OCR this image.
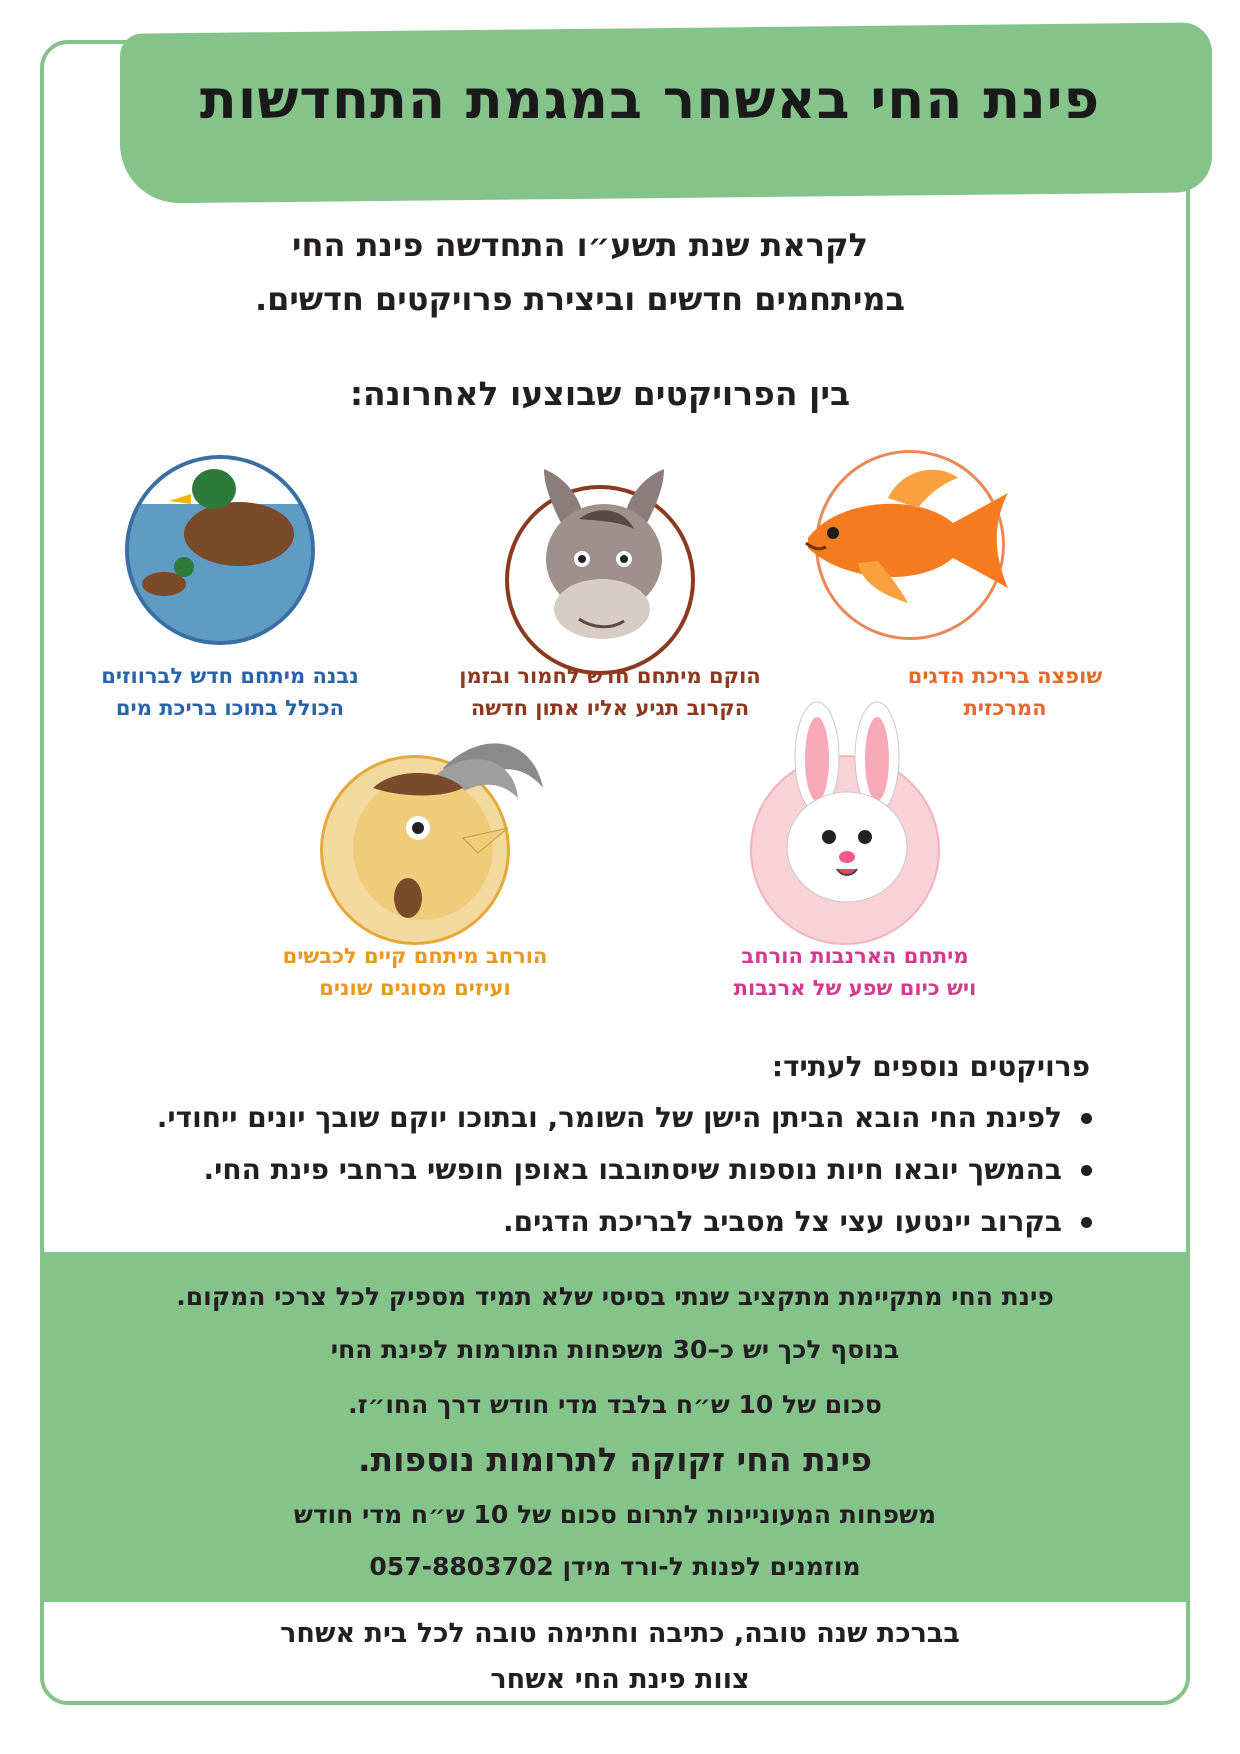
פינת החי באשחר במגמת התחדשות
לקראת שנת תשע״ו התחדשה פינת החי
במיתחמים חדשים וביצירת פרויקטים חדשים.
בין הפרויקטים שבוצעו לאחרונה:
שופצה בריכת הדגים
המרכזית
הוקם מיתחם חדש לחמור ובזמן
הקרוב תגיע אליו אתון חדשה
נבנה מיתחם חדש לברווזים
הכולל בתוכו בריכת מים
מיתחם הארנבות הורחב
ויש כיום שפע של ארנבות
הורחב מיתחם קיים לכבשים
ועיזים מסוגים שונים
פרויקטים נוספים לעתיד:
לפינת החי הובא הביתן הישן של השומר, ובתוכו יוקם שובך יונים ייחודי.
בהמשך יובאו חיות נוספות שיסתובבו באופן חופשי ברחבי פינת החי.
בקרוב יינטעו עצי צל מסביב לבריכת הדגים.
פינת החי מתקיימת מתקציב שנתי בסיסי שלא תמיד מספיק לכל צרכי המקום.
בנוסף לכך יש כ–30 משפחות התורמות לפינת החי
סכום של 10 ש״ח בלבד מדי חודש דרך החו״ז.
פינת החי זקוקה לתרומות נוספות.
משפחות המעוניינות לתרום סכום של 10 ש״ח מדי חודש
מוזמנים לפנות ל-ורד מידן 057-8803702
בברכת שנה טובה, כתיבה וחתימה טובה לכל בית אשחר
צוות פינת החי אשחר
